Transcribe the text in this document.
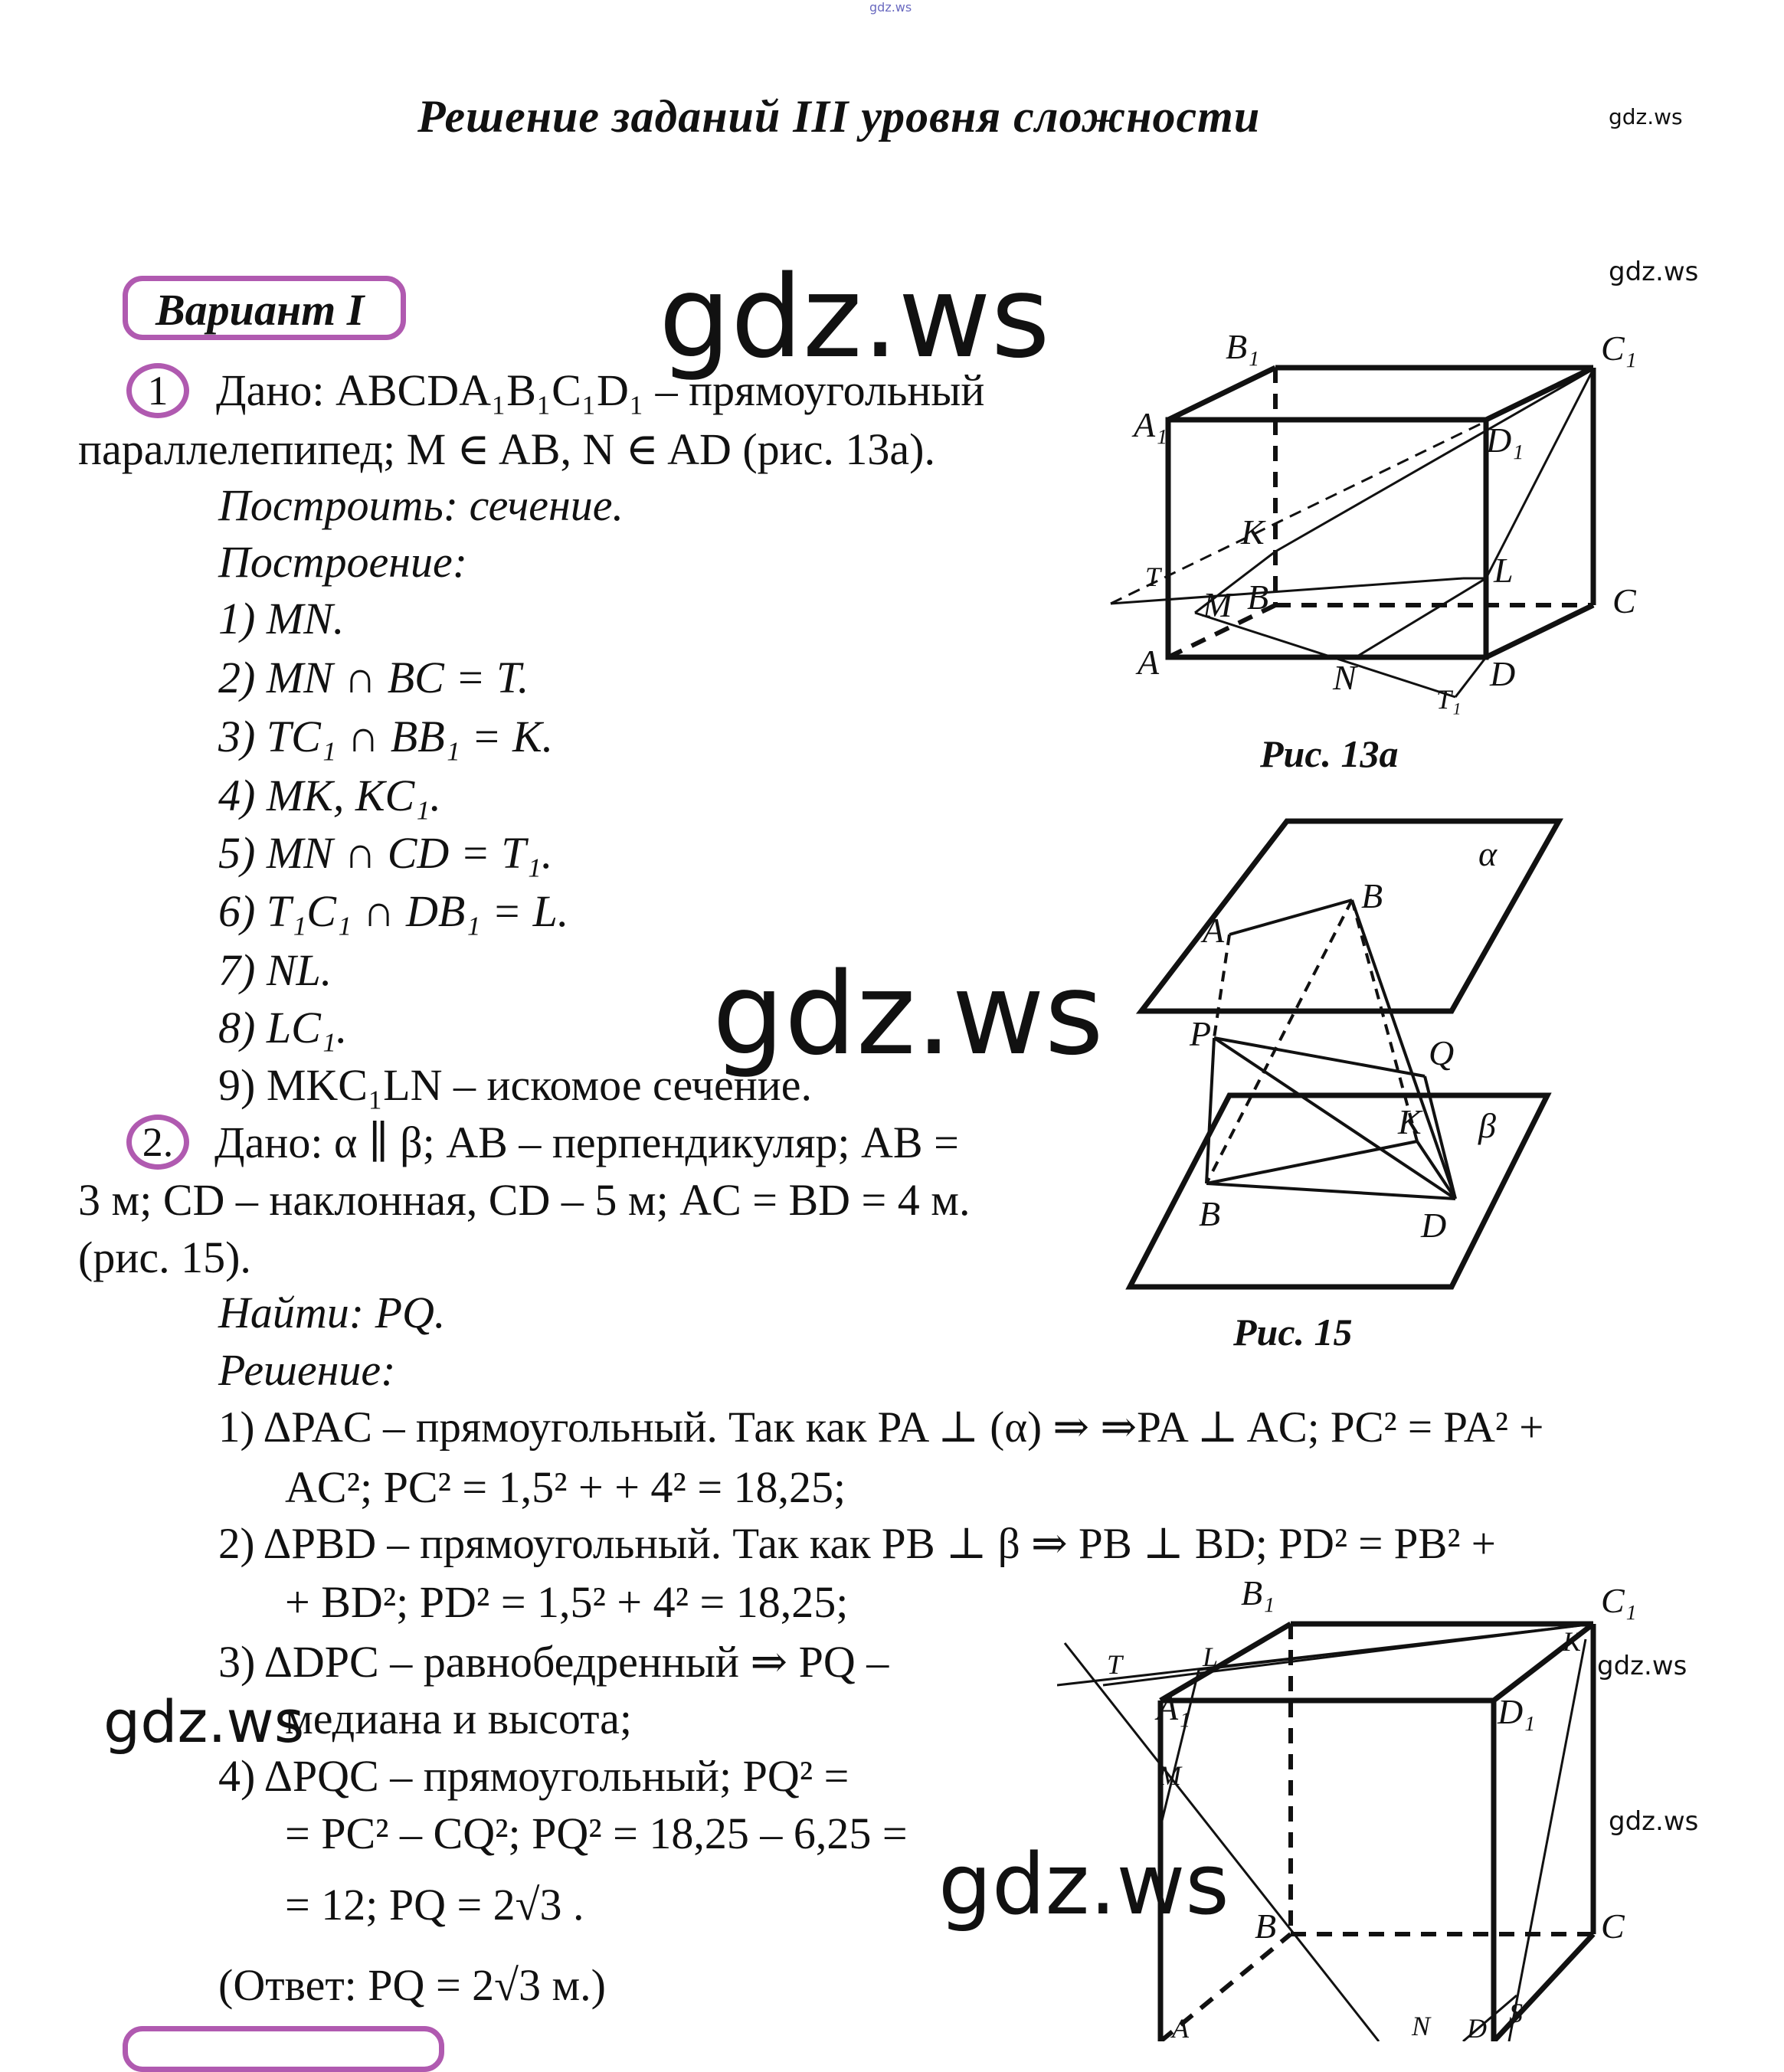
gdz.ws
gdz.ws
gdz.ws
gdz.ws
gdz.ws
Решение заданий III уровня сложности
Вариант I
1	Дано: ABCDA₁B₁C₁D₁ – прямоугольный
параллелепипед; M ∈ AB, N ∈ AD (рис. 13а).
Построить: сечение.
Построение:
1) MN.
2) MN ∩ BC = T.
3) TC₁ ∩ BB₁ = K.
4) MK, KC₁.
5) MN ∩ CD = T₁.
6) T₁C₁ ∩ DB₁ = L.
7) NL.
8) LC₁.
9) MKC₁LN – искомое сечение.
2. Дано: α ∥ β; AB – перпендикуляр; AB =
3 м; CD – наклонная, CD – 5 м; AC = BD = 4 м.
(рис. 15).
Найти: PQ.
Решение:
1) ΔPAC – прямоугольный. Так как PA ⊥ (α) ⇒ ⇒PA ⊥ AC; PC² = PA² +
AC²; PC² = 1,5² + + 4² = 18,25;
2) ΔPBD – прямоугольный. Так как PB ⊥ β ⇒ PB ⊥ BD; PD² = PB² +
+ BD²; PD² = 1,5² + 4² = 18,25;
3) ΔDPC – равнобедренный ⇒ PQ –
медиана и высота;
4) ΔPQC – прямоугольный; PQ² =
= PC² – CQ²; PQ² = 18,25 – 6,25 =
= 12; PQ = 2√3 .
(Ответ: PQ = 2√3 м.)
B₁	C₁
A₁	D₁
K
T
M B
L
C
A	N	D
T₁
Рис. 13а
α
A
B
P	Q
K β
B	D
Рис. 15
B₁	C₁
T	L	K
A₁	D₁
M
B	C
A	N D S
gdz.ws
gdz.ws
gdz.ws
gdz.ws
